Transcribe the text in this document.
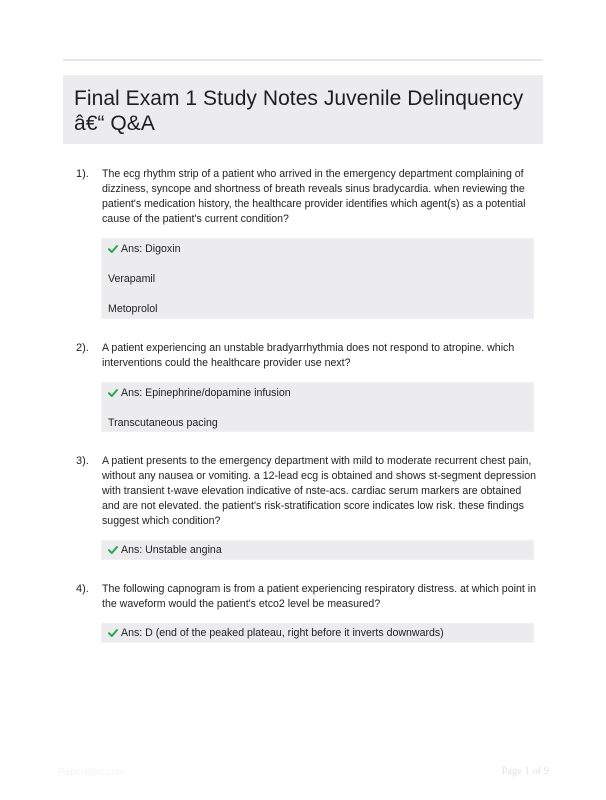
Final Exam 1 Study Notes Juvenile Delinquency â€“ Q&A
1). The ecg rhythm strip of a patient who arrived in the emergency department complaining of dizziness, syncope and shortness of breath reveals sinus bradycardia. when reviewing the patient's medication history, the healthcare provider identifies which agent(s) as a potential cause of the patient's current condition?
Ans: Digoxin
Verapamil
Metoprolol
2). A patient experiencing an unstable bradyarrhythmia does not respond to atropine. which interventions could the healthcare provider use next?
Ans: Epinephrine/dopamine infusion
Transcutaneous pacing
3). A patient presents to the emergency department with mild to moderate recurrent chest pain, without any nausea or vomiting. a 12-lead ecg is obtained and shows st-segment depression with transient t-wave elevation indicative of nste-acs. cardiac serum markers are obtained and are not elevated. the patient's risk-stratification score indicates low risk. these findings suggest which condition?
Ans: Unstable angina
4). The following capnogram is from a patient experiencing respiratory distress. at which point in the waveform would the patient's etco2 level be measured?
Ans: D (end of the peaked plateau, right before it inverts downwards)
PaperBitic.com	Page 1 of 9
